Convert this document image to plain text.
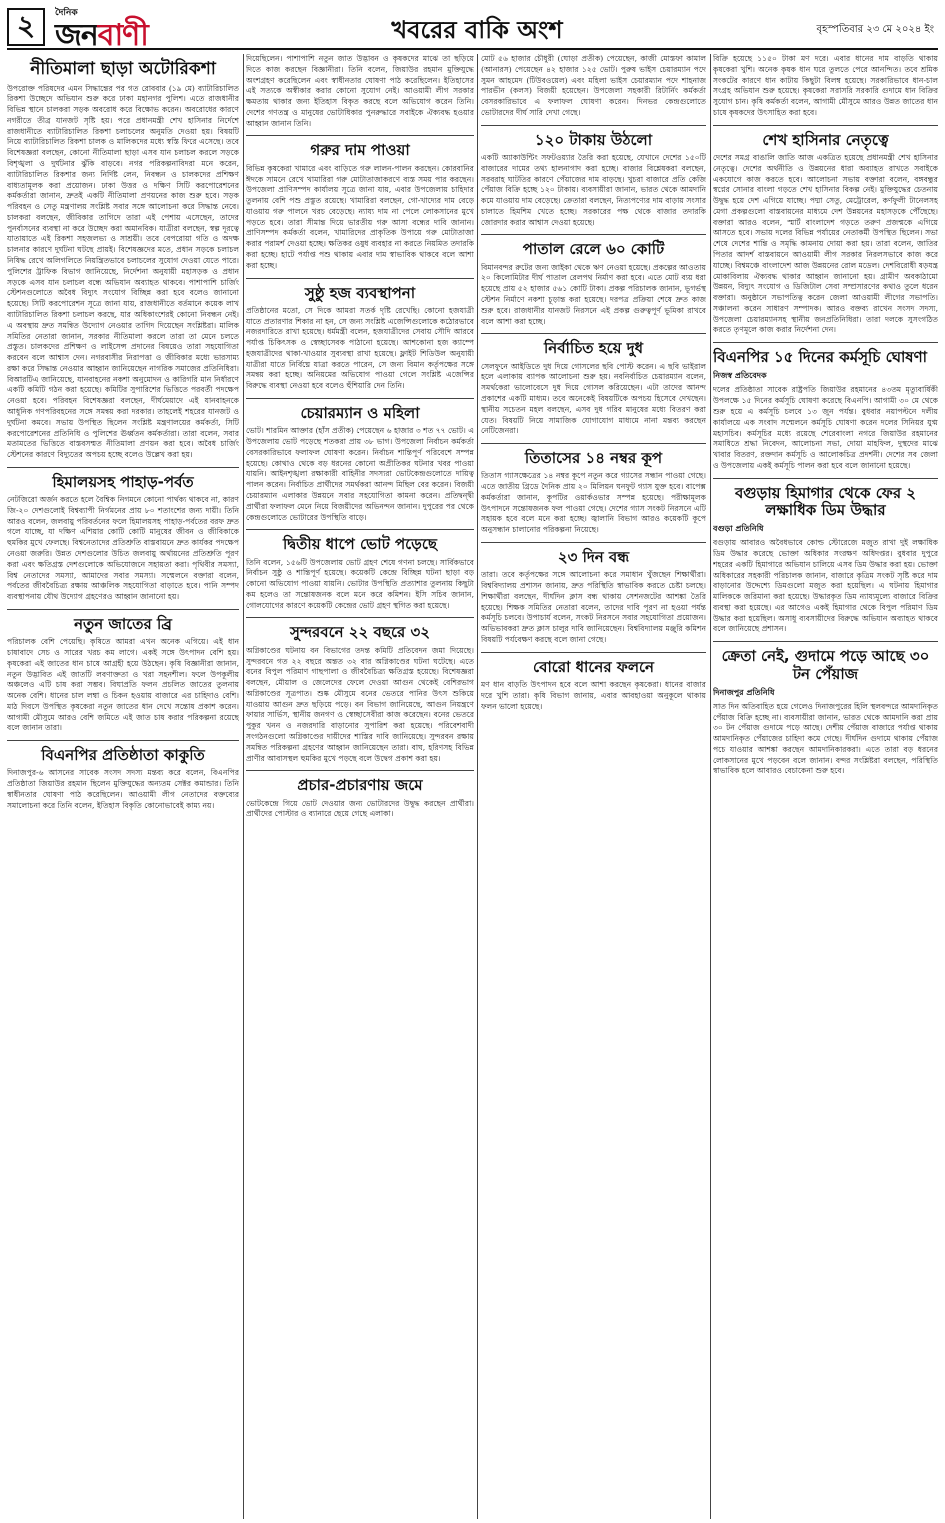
২	দৈনিক
জনবাণী	খবরের বাকি অংশ	বৃহস্পতিবার ২৩ মে ২০২৪ ইং
নীতিমালা ছাড়া অটোরিকশা
উপরোক্ত পরিষদের এমন সিদ্ধান্তের পর গত রোববার (১৯ মে) ব্যাটারিচালিত রিকশা উচ্ছেদে অভিযান শুরু করে ঢাকা মহানগর পুলিশ। এতে রাজধানীর বিভিন্ন স্থানে চালকরা সড়ক অবরোধ করে বিক্ষোভ করেন। অবরোধের কারণে নগরীতে তীব্র যানজট সৃষ্টি হয়। পরে প্রধানমন্ত্রী শেখ হাসিনার নির্দেশে রাজধানীতে ব্যাটারিচালিত রিকশা চলাচলের অনুমতি দেওয়া হয়। বিষয়টি নিয়ে ব্যাটারিচালিত রিকশা চালক ও মালিকদের মধ্যে স্বস্তি ফিরে এসেছে। তবে বিশেষজ্ঞরা বলছেন, কোনো নীতিমালা ছাড়া এসব যান চলাচল করলে সড়কে বিশৃঙ্খলা ও দুর্ঘটনার ঝুঁকি বাড়বে। নগর পরিকল্পনাবিদরা মনে করেন, ব্যাটারিচালিত রিকশার জন্য নির্দিষ্ট লেন, নিবন্ধন ও চালকদের প্রশিক্ষণ বাধ্যতামূলক করা প্রয়োজন। ঢাকা উত্তর ও দক্ষিণ সিটি করপোরেশনের কর্মকর্তারা জানান, দ্রুতই একটি নীতিমালা প্রণয়নের কাজ শুরু হবে। সড়ক পরিবহন ও সেতু মন্ত্রণালয় সংশ্লিষ্ট সবার সঙ্গে আলোচনা করে সিদ্ধান্ত নেবে। চালকরা বলছেন, জীবিকার তাগিদে তারা এই পেশায় এসেছেন, তাদের পুনর্বাসনের ব্যবস্থা না করে উচ্ছেদ করা অমানবিক। যাত্রীরা বলছেন, স্বল্প দূরত্বে যাতায়াতে এই রিকশা সহজলভ্য ও সাশ্রয়ী। তবে বেপরোয়া গতি ও অদক্ষ চালনার কারণে দুর্ঘটনা ঘটছে প্রায়ই। বিশেষজ্ঞদের মতে, প্রধান সড়কে চলাচল নিষিদ্ধ রেখে অলিগলিতে নিয়ন্ত্রিতভাবে চলাচলের সুযোগ দেওয়া যেতে পারে। পুলিশের ট্রাফিক বিভাগ জানিয়েছে, নির্দেশনা অনুযায়ী মহাসড়ক ও প্রধান সড়কে এসব যান চলাচল বন্ধে অভিযান অব্যাহত থাকবে। পাশাপাশি চার্জিং স্টেশনগুলোতে অবৈধ বিদ্যুৎ সংযোগ বিচ্ছিন্ন করা হবে বলেও জানানো হয়েছে। সিটি করপোরেশন সূত্রে জানা যায়, রাজধানীতে বর্তমানে কয়েক লাখ ব্যাটারিচালিত রিকশা চলাচল করছে, যার অধিকাংশেরই কোনো নিবন্ধন নেই। এ অবস্থায় দ্রুত সমন্বিত উদ্যোগ নেওয়ার তাগিদ দিয়েছেন সংশ্লিষ্টরা। মালিক সমিতির নেতারা জানান, সরকার নীতিমালা করলে তারা তা মেনে চলতে প্রস্তুত। চালকদের প্রশিক্ষণ ও লাইসেন্স প্রদানের বিষয়েও তারা সহযোগিতা করবেন বলে আশ্বাস দেন। নগরবাসীর নিরাপত্তা ও জীবিকার মধ্যে ভারসাম্য রক্ষা করে সিদ্ধান্ত নেওয়ার আহ্বান জানিয়েছেন নাগরিক সমাজের প্রতিনিধিরা। বিআরটিএ জানিয়েছে, যানবাহনের নকশা অনুমোদন ও কারিগরি মান নির্ধারণে একটি কমিটি গঠন করা হয়েছে। কমিটির সুপারিশের ভিত্তিতে পরবর্তী পদক্ষেপ নেওয়া হবে। পরিবহন বিশেষজ্ঞরা বলছেন, দীর্ঘমেয়াদে এই যানবাহনকে আধুনিক গণপরিবহনের সঙ্গে সমন্বয় করা দরকার। তাহলেই শহরের যানজট ও দুর্ঘটনা কমবে। সভায় উপস্থিত ছিলেন সংশ্লিষ্ট মন্ত্রণালয়ের কর্মকর্তা, সিটি করপোরেশনের প্রতিনিধি ও পুলিশের ঊর্ধ্বতন কর্মকর্তারা। তারা বলেন, সবার মতামতের ভিত্তিতে বাস্তবসম্মত নীতিমালা প্রণয়ন করা হবে। অবৈধ চার্জিং স্টেশনের কারণে বিদ্যুতের অপচয় হচ্ছে বলেও উল্লেখ করা হয়।
হিমালয়সহ পাহাড়-পর্বত
নেটজিরো অর্জন করতে হলে বৈশ্বিক নিগমনে কোনো পার্থক্য থাকবে না, কারণ জি-২০ দেশগুলোই বিশ্বব্যাপী নির্গমনের প্রায় ৮০ শতাংশের জন্য দায়ী। তিনি আরও বলেন, জলবায়ু পরিবর্তনের ফলে হিমালয়সহ পাহাড়-পর্বতের বরফ দ্রুত গলে যাচ্ছে, যা দক্ষিণ এশিয়ার কোটি কোটি মানুষের জীবন ও জীবিকাকে হুমকির মুখে ফেলছে। বিশ্বনেতাদের প্রতিশ্রুতি বাস্তবায়নে দ্রুত কার্যকর পদক্ষেপ নেওয়া জরুরি। উন্নত দেশগুলোর উচিত জলবায়ু অর্থায়নের প্রতিশ্রুতি পূরণ করা এবং ক্ষতিগ্রস্ত দেশগুলোকে অভিযোজনে সহায়তা করা। পৃথিবীর সমস্যা, বিশ্ব নেতাদের সমস্যা, আমাদের সবার সমস্যা। সম্মেলনে বক্তারা বলেন, পর্বতের জীববৈচিত্র্য রক্ষায় আঞ্চলিক সহযোগিতা বাড়াতে হবে। পানি সম্পদ ব্যবস্থাপনায় যৌথ উদ্যোগ গ্রহণেরও আহ্বান জানানো হয়।
নতুন জাতের ব্রি
পরিচালক বেশি পেয়েছি। কৃষিতে আমরা এখন অনেক এগিয়ে। এই ধান চাষাবাদে সেচ ও সারের খরচ কম লাগে। একই সঙ্গে উৎপাদন বেশি হয়। কৃষকেরা এই জাতের ধান চাষে আগ্রহী হয়ে উঠছেন। কৃষি বিজ্ঞানীরা জানান, নতুন উদ্ভাবিত এই জাতটি লবণাক্ততা ও খরা সহনশীল। ফলে উপকূলীয় অঞ্চলেও এটি চাষ করা সম্ভব। বিঘাপ্রতি ফলন প্রচলিত জাতের তুলনায় অনেক বেশি। ধানের চাল লম্বা ও চিকন হওয়ায় বাজারে এর চাহিদাও বেশি। মাঠ দিবসে উপস্থিত কৃষকেরা নতুন জাতের ধান দেখে সন্তোষ প্রকাশ করেন। আগামী মৌসুমে আরও বেশি জমিতে এই জাত চাষ করার পরিকল্পনা রয়েছে বলে জানান তারা।
বিএনপির প্রতিষ্ঠাতা কাকুতি
দিনাজপুর-৬ আসনের সাবেক সংসদ সদস্য মন্তব্য করে বলেন, বিএনপির প্রতিষ্ঠাতা জিয়াউর রহমান ছিলেন মুক্তিযুদ্ধের অন্যতম সেক্টর কমান্ডার। তিনি স্বাধীনতার ঘোষণা পাঠ করেছিলেন। আওয়ামী লীগ নেতাদের বক্তব্যের সমালোচনা করে তিনি বলেন, ইতিহাস বিকৃতি কোনোভাবেই কাম্য নয়।
দিয়েছিলেন। পাশাপাশি নতুন জাত উদ্ভাবন ও কৃষকদের মাঝে তা ছড়িয়ে দিতে কাজ করছেন বিজ্ঞানীরা। তিনি বলেন, জিয়াউর রহমান মুক্তিযুদ্ধে অংশগ্রহণ করেছিলেন এবং স্বাধীনতার ঘোষণা পাঠ করেছিলেন। ইতিহাসের এই সত্যকে অস্বীকার করার কোনো সুযোগ নেই। আওয়ামী লীগ সরকার ক্ষমতায় থাকার জন্য ইতিহাস বিকৃত করছে বলে অভিযোগ করেন তিনি। দেশের গণতন্ত্র ও মানুষের ভোটাধিকার পুনরুদ্ধারে সবাইকে ঐক্যবদ্ধ হওয়ার আহ্বান জানান তিনি।
গরুর দাম পাওয়া
বিভিন্ন কৃষকেরা খামারে এবং বাড়িতে গরু লালন-পালন করছেন। কোরবানির ঈদকে সামনে রেখে খামারিরা গরু মোটাতাজাকরণে ব্যস্ত সময় পার করছেন। উপজেলা প্রাণিসম্পদ কার্যালয় সূত্রে জানা যায়, এবার উপজেলায় চাহিদার তুলনায় বেশি পশু প্রস্তুত রয়েছে। খামারিরা বলছেন, গো-খাদ্যের দাম বেড়ে যাওয়ায় গরু পালনে খরচ বেড়েছে। ন্যায্য দাম না পেলে লোকসানের মুখে পড়তে হবে। তারা সীমান্ত দিয়ে ভারতীয় গরু আসা বন্ধের দাবি জানান। প্রাণিসম্পদ কর্মকর্তা বলেন, খামারিদের প্রাকৃতিক উপায়ে গরু মোটাতাজা করার পরামর্শ দেওয়া হচ্ছে। ক্ষতিকর ওষুধ ব্যবহার না করতে নিয়মিত তদারকি করা হচ্ছে। হাটে পর্যাপ্ত পশু থাকায় এবার দাম স্বাভাবিক থাকবে বলে আশা করা হচ্ছে।
সুষ্ঠু হজ ব্যবস্থাপনা
প্রতিষ্ঠানের মতো, সে দিকে আমরা সতর্ক দৃষ্টি রেখেছি। কোনো হজযাত্রী যাতে প্রতারণার শিকার না হন, সে জন্য সংশ্লিষ্ট এজেন্সিগুলোকে কঠোরভাবে নজরদারিতে রাখা হয়েছে। ধর্মমন্ত্রী বলেন, হজযাত্রীদের সেবায় সৌদি আরবে পর্যাপ্ত চিকিৎসক ও স্বেচ্ছাসেবক পাঠানো হয়েছে। আশকোনা হজ ক্যাম্পে হজযাত্রীদের থাকা-খাওয়ার সুব্যবস্থা রাখা হয়েছে। ফ্লাইট শিডিউল অনুযায়ী যাত্রীরা যাতে নির্বিঘ্নে যাত্রা করতে পারেন, সে জন্য বিমান কর্তৃপক্ষের সঙ্গে সমন্বয় করা হচ্ছে। অনিয়মের অভিযোগ পাওয়া গেলে সংশ্লিষ্ট এজেন্সির বিরুদ্ধে ব্যবস্থা নেওয়া হবে বলেও হুঁশিয়ারি দেন তিনি।
চেয়ারম্যান ও মহিলা
ভোট। শারমিন আক্তার (হাঁস প্রতীক) পেয়েছেন ৬ হাজার ৩ শত ৭৭ ভোট। এ উপজেলায় ভোট পড়েছে শতকরা প্রায় ৩৮ ভাগ। উপজেলা নির্বাচন কর্মকর্তা বেসরকারিভাবে ফলাফল ঘোষণা করেন। নির্বাচন শান্তিপূর্ণ পরিবেশে সম্পন্ন হয়েছে। কোথাও থেকে বড় ধরনের কোনো অপ্রীতিকর ঘটনার খবর পাওয়া যায়নি। আইনশৃঙ্খলা রক্ষাকারী বাহিনীর সদস্যরা ভোটকেন্দ্রগুলোতে দায়িত্ব পালন করেন। নির্বাচিত প্রার্থীদের সমর্থকরা আনন্দ মিছিল বের করেন। বিজয়ী চেয়ারম্যান এলাকার উন্নয়নে সবার সহযোগিতা কামনা করেন। প্রতিদ্বন্দ্বী প্রার্থীরা ফলাফল মেনে নিয়ে বিজয়ীদের অভিনন্দন জানান। দুপুরের পর থেকে কেন্দ্রগুলোতে ভোটারের উপস্থিতি বাড়ে।
দ্বিতীয় ধাপে ভোট পড়েছে
তিনি বলেন, ১৫৬টি উপজেলায় ভোট গ্রহণ শেষে গণনা চলছে। সার্বিকভাবে নির্বাচন সুষ্ঠু ও শান্তিপূর্ণ হয়েছে। কয়েকটি কেন্দ্রে বিচ্ছিন্ন ঘটনা ছাড়া বড় কোনো অভিযোগ পাওয়া যায়নি। ভোটার উপস্থিতি প্রত্যাশার তুলনায় কিছুটা কম হলেও তা সন্তোষজনক বলে মনে করে কমিশন। ইসি সচিব জানান, গোলযোগের কারণে কয়েকটি কেন্দ্রের ভোট গ্রহণ স্থগিত করা হয়েছে।
সুন্দরবনে ২২ বছরে ৩২
অগ্নিকাণ্ডের ঘটনায় বন বিভাগের তদন্ত কমিটি প্রতিবেদন জমা দিয়েছে। সুন্দরবনে গত ২২ বছরে অন্তত ৩২ বার অগ্নিকাণ্ডের ঘটনা ঘটেছে। এতে বনের বিপুল পরিমাণ গাছপালা ও জীববৈচিত্র্য ক্ষতিগ্রস্ত হয়েছে। বিশেষজ্ঞরা বলছেন, মৌয়াল ও জেলেদের ফেলে দেওয়া আগুন থেকেই বেশিরভাগ অগ্নিকাণ্ডের সূত্রপাত। শুষ্ক মৌসুমে বনের ভেতরে পানির উৎস শুকিয়ে যাওয়ায় আগুন দ্রুত ছড়িয়ে পড়ে। বন বিভাগ জানিয়েছে, আগুন নিয়ন্ত্রণে ফায়ার সার্ভিস, স্থানীয় জনগণ ও স্বেচ্ছাসেবীরা কাজ করেছেন। বনের ভেতরে পুকুর খনন ও নজরদারি বাড়ানোর সুপারিশ করা হয়েছে। পরিবেশবাদী সংগঠনগুলো অগ্নিকাণ্ডের দায়ীদের শাস্তির দাবি জানিয়েছে। সুন্দরবন রক্ষায় সমন্বিত পরিকল্পনা গ্রহণের আহ্বান জানিয়েছেন তারা। বাঘ, হরিণসহ বিভিন্ন প্রাণীর আবাসস্থল হুমকির মুখে পড়ছে বলে উদ্বেগ প্রকাশ করা হয়।
প্রচার-প্রচারণায় জমে
ভোটকেন্দ্রে গিয়ে ভোট দেওয়ার জন্য ভোটারদের উদ্বুদ্ধ করছেন প্রার্থীরা। প্রার্থীদের পোস্টার ও ব্যানারে ছেয়ে গেছে এলাকা।
মোট ৫৬ হাজার চৌধুরী (ঘোড়া প্রতীক) পেয়েছেন, কাজী মোস্তফা কামাল (আনারস) পেয়েছেন ৪২ হাজার ১২৫ ভোট। পুরুষ ভাইস চেয়ারম্যান পদে সুমন আহমেদ (টিউবওয়েল) এবং মহিলা ভাইস চেয়ারম্যান পদে শাহনাজ পারভীন (কলস) বিজয়ী হয়েছেন। উপজেলা সহকারী রিটার্নিং কর্মকর্তা বেসরকারিভাবে এ ফলাফল ঘোষণা করেন। দিনভর কেন্দ্রগুলোতে ভোটারদের দীর্ঘ সারি দেখা গেছে।
১২০ টাকায় উঠলো
একটি অ্যাকাউন্টিং সফটওয়্যার তৈরি করা হয়েছে, যেখানে দেশের ১৫০টি বাজারের দামের তথ্য হালনাগাদ করা হচ্ছে। বাজার বিশ্লেষকরা বলছেন, সরবরাহ ঘাটতির কারণে পেঁয়াজের দাম বাড়ছে। খুচরা বাজারে প্রতি কেজি পেঁয়াজ বিক্রি হচ্ছে ১২০ টাকায়। ব্যবসায়ীরা জানান, ভারত থেকে আমদানি কমে যাওয়ায় দাম বেড়েছে। ক্রেতারা বলছেন, নিত্যপণ্যের দাম বাড়ায় সংসার চালাতে হিমশিম খেতে হচ্ছে। সরকারের পক্ষ থেকে বাজার তদারকি জোরদার করার আশ্বাস দেওয়া হয়েছে।
পাতাল রেলে ৬০ কোটি
বিমানবন্দর রুটের জন্য জাইকা থেকে ঋণ নেওয়া হয়েছে। প্রকল্পের আওতায় ২০ কিলোমিটার দীর্ঘ পাতাল রেলপথ নির্মাণ করা হবে। এতে মোট ব্যয় ধরা হয়েছে প্রায় ৫২ হাজার ৫৬১ কোটি টাকা। প্রকল্প পরিচালক জানান, ভূগর্ভস্থ স্টেশন নির্মাণে নকশা চূড়ান্ত করা হয়েছে। দরপত্র প্রক্রিয়া শেষে দ্রুত কাজ শুরু হবে। রাজধানীর যানজট নিরসনে এই প্রকল্প গুরুত্বপূর্ণ ভূমিকা রাখবে বলে আশা করা হচ্ছে।
নির্বাচিত হয়ে দুধ
সেলফুনে আইডিতে দুধ দিয়ে গোসলের ছবি পোস্ট করেন। এ ছবি ভাইরাল হলে এলাকায় ব্যাপক আলোচনা শুরু হয়। নবনির্বাচিত চেয়ারম্যান বলেন, সমর্থকেরা ভালোবেসে দুধ দিয়ে গোসল করিয়েছেন। এটা তাদের আনন্দ প্রকাশের একটি মাধ্যম। তবে অনেকেই বিষয়টিকে অপচয় হিসেবে দেখছেন। স্থানীয় সচেতন মহল বলছেন, এসব দুধ গরিব মানুষের মধ্যে বিতরণ করা যেত। বিষয়টি নিয়ে সামাজিক যোগাযোগ মাধ্যমে নানা মন্তব্য করছেন নেটিজেনরা।
তিতাসের ১৪ নম্বর কূপ
তিতাস গ্যাসক্ষেত্রের ১৪ নম্বর কূপে নতুন করে গ্যাসের সন্ধান পাওয়া গেছে। এতে জাতীয় গ্রিডে দৈনিক প্রায় ২০ মিলিয়ন ঘনফুট গ্যাস যুক্ত হবে। বাপেক্স কর্মকর্তারা জানান, কূপটির ওয়ার্কওভার সম্পন্ন হয়েছে। পরীক্ষামূলক উৎপাদনে সন্তোষজনক ফল পাওয়া গেছে। দেশের গ্যাস সংকট নিরসনে এটি সহায়ক হবে বলে মনে করা হচ্ছে। জ্বালানি বিভাগ আরও কয়েকটি কূপে অনুসন্ধান চালানোর পরিকল্পনা নিয়েছে।
২৩ দিন বন্ধ
তারা। তবে কর্তৃপক্ষের সঙ্গে আলোচনা করে সমাধান খুঁজছেন শিক্ষার্থীরা। বিশ্ববিদ্যালয় প্রশাসন জানায়, দ্রুত পরিস্থিতি স্বাভাবিক করতে চেষ্টা চলছে। শিক্ষার্থীরা বলছেন, দীর্ঘদিন ক্লাস বন্ধ থাকায় সেশনজটের আশঙ্কা তৈরি হয়েছে। শিক্ষক সমিতির নেতারা বলেন, তাদের দাবি পূরণ না হওয়া পর্যন্ত কর্মসূচি চলবে। উপাচার্য বলেন, সংকট নিরসনে সবার সহযোগিতা প্রয়োজন। অভিভাবকরা দ্রুত ক্লাস চালুর দাবি জানিয়েছেন। বিশ্ববিদ্যালয় মঞ্জুরি কমিশন বিষয়টি পর্যবেক্ষণ করছে বলে জানা গেছে।
বোরো ধানের ফলনে
মণ ধান বাড়তি উৎপাদন হবে বলে আশা করছেন কৃষকেরা। ধানের বাজার দরে খুশি তারা। কৃষি বিভাগ জানায়, এবার আবহাওয়া অনুকূলে থাকায় ফলন ভালো হয়েছে।
বিক্রি হয়েছে ১১৫০ টাকা মণ দরে। এবার ধানের দাম বাড়তি থাকায় কৃষকেরা খুশি। অনেক কৃষক ধান ঘরে তুলতে পেরে আনন্দিত। তবে শ্রমিক সংকটের কারণে ধান কাটায় কিছুটা বিলম্ব হয়েছে। সরকারিভাবে ধান-চাল সংগ্রহ অভিযান শুরু হয়েছে। কৃষকেরা সরাসরি সরকারি গুদামে ধান বিক্রির সুযোগ চান। কৃষি কর্মকর্তা বলেন, আগামী মৌসুমে আরও উন্নত জাতের ধান চাষে কৃষকদের উৎসাহিত করা হবে।
শেখ হাসিনার নেতৃত্বে
দেশের সমগ্র বাঙালি জাতি আজ একত্রিত হয়েছে প্রধানমন্ত্রী শেখ হাসিনার নেতৃত্বে। দেশের অর্থনীতি ও উন্নয়নের ধারা অব্যাহত রাখতে সবাইকে একযোগে কাজ করতে হবে। আলোচনা সভায় বক্তারা বলেন, বঙ্গবন্ধুর স্বপ্নের সোনার বাংলা গড়তে শেখ হাসিনার বিকল্প নেই। মুক্তিযুদ্ধের চেতনায় উদ্বুদ্ধ হয়ে দেশ এগিয়ে যাচ্ছে। পদ্মা সেতু, মেট্রোরেল, কর্ণফুলী টানেলসহ মেগা প্রকল্পগুলো বাস্তবায়নের মাধ্যমে দেশ উন্নয়নের মহাসড়কে পৌঁছেছে। বক্তারা আরও বলেন, স্মার্ট বাংলাদেশ গড়তে তরুণ প্রজন্মকে এগিয়ে আসতে হবে। সভায় দলের বিভিন্ন পর্যায়ের নেতাকর্মী উপস্থিত ছিলেন। সভা শেষে দেশের শান্তি ও সমৃদ্ধি কামনায় দোয়া করা হয়। তারা বলেন, জাতির পিতার আদর্শ বাস্তবায়নে আওয়ামী লীগ সরকার নিরলসভাবে কাজ করে যাচ্ছে। বিশ্বমঞ্চে বাংলাদেশ আজ উন্নয়নের রোল মডেল। দেশবিরোধী ষড়যন্ত্র মোকাবিলায় ঐক্যবদ্ধ থাকার আহ্বান জানানো হয়। গ্রামীণ অবকাঠামো উন্নয়ন, বিদ্যুৎ সংযোগ ও ডিজিটাল সেবা সম্প্রসারণের কথাও তুলে ধরেন বক্তারা। অনুষ্ঠানে সভাপতিত্ব করেন জেলা আওয়ামী লীগের সভাপতি। সঞ্চালনা করেন সাধারণ সম্পাদক। আরও বক্তব্য রাখেন সংসদ সদস্য, উপজেলা চেয়ারম্যানসহ স্থানীয় জনপ্রতিনিধিরা। তারা দলকে সুসংগঠিত করতে তৃণমূলে কাজ করার নির্দেশনা দেন।
বিএনপির ১৫ দিনের কর্মসূচি ঘোষণা
নিজস্ব প্রতিবেদক
দলের প্রতিষ্ঠাতা সাবেক রাষ্ট্রপতি জিয়াউর রহমানের ৪৩তম মৃত্যুবার্ষিকী উপলক্ষে ১৫ দিনের কর্মসূচি ঘোষণা করেছে বিএনপি। আগামী ৩০ মে থেকে শুরু হয়ে এ কর্মসূচি চলবে ১৩ জুন পর্যন্ত। বুধবার নয়াপল্টনে দলীয় কার্যালয়ে এক সংবাদ সম্মেলনে কর্মসূচি ঘোষণা করেন দলের সিনিয়র যুগ্ম মহাসচিব। কর্মসূচির মধ্যে রয়েছে শেরেবাংলা নগরে জিয়াউর রহমানের সমাধিতে শ্রদ্ধা নিবেদন, আলোচনা সভা, দোয়া মাহফিল, দুস্থদের মাঝে খাবার বিতরণ, রক্তদান কর্মসূচি ও আলোকচিত্র প্রদর্শনী। দেশের সব জেলা ও উপজেলায় একই কর্মসূচি পালন করা হবে বলে জানানো হয়েছে।
বগুড়ায় হিমাগার থেকে ফের ২ লক্ষাধিক ডিম উদ্ধার
বগুড়া প্রতিনিধি
বগুড়ায় আবারও অবৈধভাবে কোল্ড স্টোরেজে মজুত রাখা দুই লক্ষাধিক ডিম উদ্ধার করেছে ভোক্তা অধিকার সংরক্ষণ অধিদপ্তর। বুধবার দুপুরে শহরের একটি হিমাগারে অভিযান চালিয়ে এসব ডিম উদ্ধার করা হয়। ভোক্তা অধিকারের সহকারী পরিচালক জানান, বাজারে কৃত্রিম সংকট সৃষ্টি করে দাম বাড়ানোর উদ্দেশ্যে ডিমগুলো মজুত করা হয়েছিল। এ ঘটনায় হিমাগার মালিককে জরিমানা করা হয়েছে। উদ্ধারকৃত ডিম ন্যায্যমূল্যে বাজারে বিক্রির ব্যবস্থা করা হয়েছে। এর আগেও একই হিমাগার থেকে বিপুল পরিমাণ ডিম উদ্ধার করা হয়েছিল। অসাধু ব্যবসায়ীদের বিরুদ্ধে অভিযান অব্যাহত থাকবে বলে জানিয়েছে প্রশাসন।
ক্রেতা নেই, গুদামে পড়ে আছে ৩০ টন পেঁয়াজ
দিনাজপুর প্রতিনিধি
সাত দিন অতিবাহিত হয়ে গেলেও দিনাজপুরের হিলি স্থলবন্দরে আমদানিকৃত পেঁয়াজ বিক্রি হচ্ছে না। ব্যবসায়ীরা জানান, ভারত থেকে আমদানি করা প্রায় ৩০ টন পেঁয়াজ গুদামে পড়ে আছে। দেশীয় পেঁয়াজ বাজারে পর্যাপ্ত থাকায় আমদানিকৃত পেঁয়াজের চাহিদা কমে গেছে। দীর্ঘদিন গুদামে থাকায় পেঁয়াজ পচে যাওয়ার আশঙ্কা করছেন আমদানিকারকরা। এতে তারা বড় ধরনের লোকসানের মুখে পড়বেন বলে জানান। বন্দর সংশ্লিষ্টরা বলছেন, পরিস্থিতি স্বাভাবিক হলে আবারও বেচাকেনা শুরু হবে।
